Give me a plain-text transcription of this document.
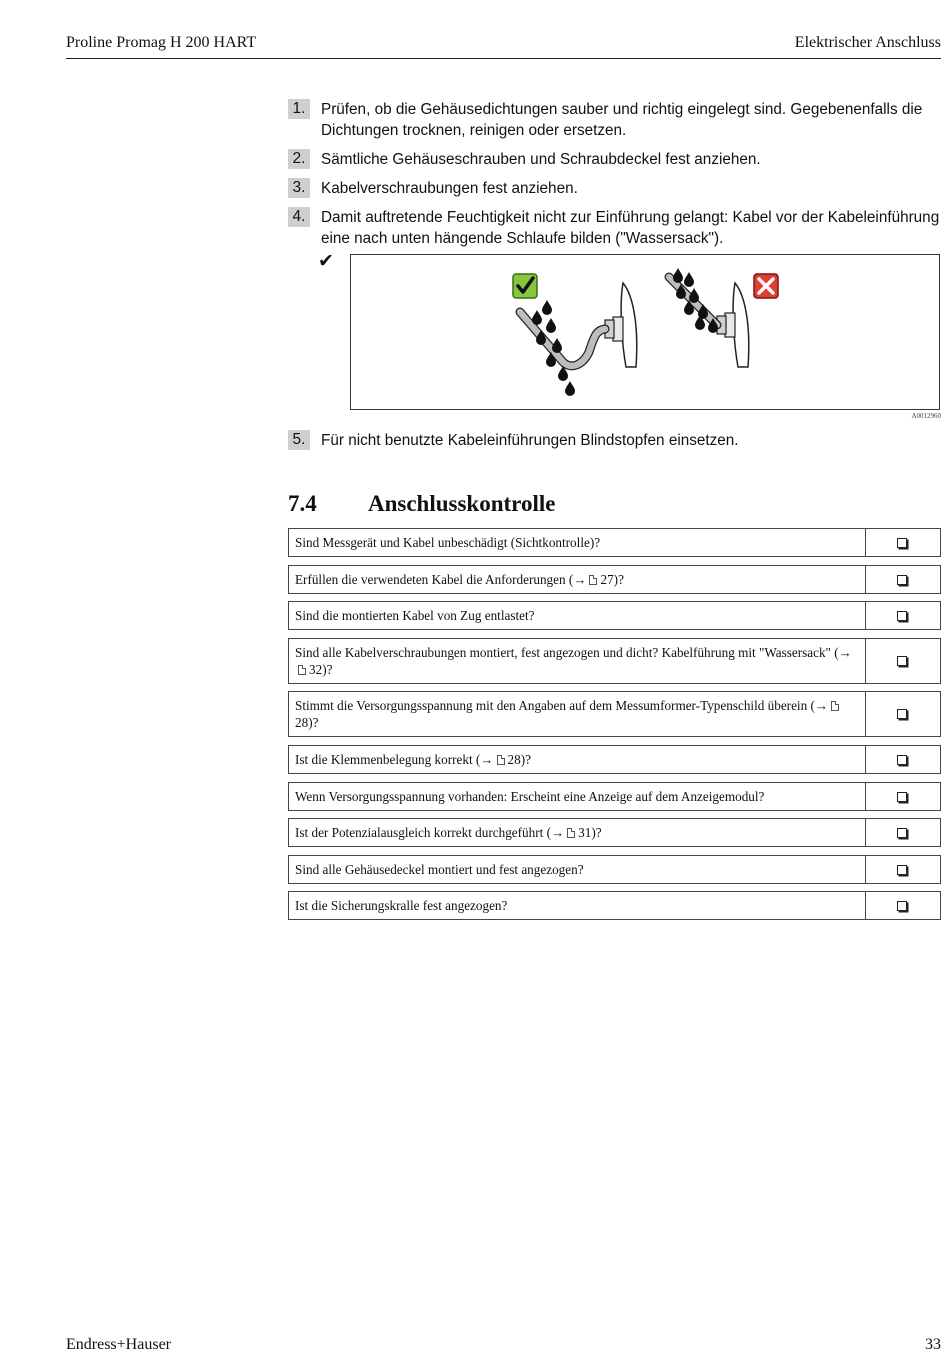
Proline Promag H 200 HART	Elektrischer Anschluss
1. Prüfen, ob die Gehäusedichtungen sauber und richtig eingelegt sind. Gegebenenfalls die Dichtungen trocknen, reinigen oder ersetzen.
2. Sämtliche Gehäuseschrauben und Schraubdeckel fest anziehen.
3. Kabelverschraubungen fest anziehen.
4. Damit auftretende Feuchtigkeit nicht zur Einführung gelangt: Kabel vor der Kabeleinführung eine nach unten hängende Schlaufe bilden ("Wassersack").
✔
A0012960
5. Für nicht benutzte Kabeleinführungen Blindstopfen einsetzen.
7.4 Anschlusskontrolle
Sind Messgerät und Kabel unbeschädigt (Sichtkontrolle)?
Erfüllen die verwendeten Kabel die Anforderungen (→ 27)?
Sind die montierten Kabel von Zug entlastet?
Sind alle Kabelverschraubungen montiert, fest angezogen und dicht? Kabelführung mit "Wassersack" (→32)?
Stimmt die Versorgungsspannung mit den Angaben auf dem Messumformer-Typenschild überein (→28)?
Ist die Klemmenbelegung korrekt (→ 28)?
Wenn Versorgungsspannung vorhanden: Erscheint eine Anzeige auf dem Anzeigemodul?
Ist der Potenzialausgleich korrekt durchgeführt (→ 31)?
Sind alle Gehäusedeckel montiert und fest angezogen?
Ist die Sicherungskralle fest angezogen?
Endress+Hauser	33
